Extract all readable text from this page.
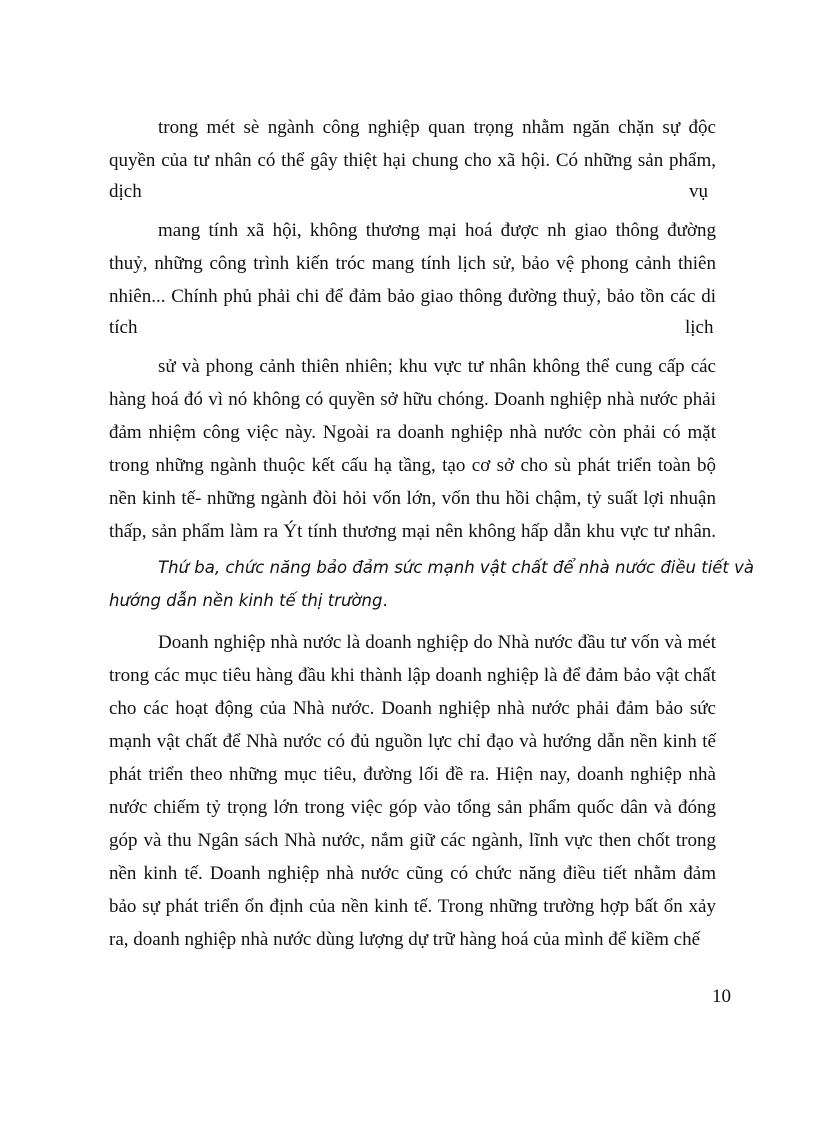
trong mét sè ngành công nghiệp quan trọng nhằm ngăn chặn sự độc
quyền của tư nhân có thể gây thiệt hại chung cho xã hội. Có những sản phẩm,
dịch	vụ
mang tính xã hội, không thương mại hoá được nh giao thông đường
thuỷ, những công trình kiến tróc mang tính lịch sử, bảo vệ phong cảnh thiên
nhiên... Chính phủ phải chi để đảm bảo giao thông đường thuỷ, bảo tồn các di
tích	lịch
sử và phong cảnh thiên nhiên; khu vực tư nhân không thể cung cấp các
hàng hoá đó vì nó không có quyền sở hữu chóng. Doanh nghiệp nhà nước phải
đảm nhiệm công việc này. Ngoài ra doanh nghiệp nhà nước còn phải có mặt
trong những ngành thuộc kết cấu hạ tầng, tạo cơ sở cho sù phát triển toàn bộ
nền kinh tế- những ngành đòi hỏi vốn lớn, vốn thu hồi chậm, tỷ suất lợi nhuận
thấp, sản phẩm làm ra Ýt tính thương mại nên không hấp dẫn khu vực tư nhân.
Thứ ba, chức năng bảo đảm sức mạnh vật chất để nhà nước điều tiết và
hướng dẫn nền kinh tế thị trường.
Doanh nghiệp nhà nước là doanh nghiệp do Nhà nước đầu tư vốn và mét
trong các mục tiêu hàng đầu khi thành lập doanh nghiệp là để đảm bảo vật chất
cho các hoạt động của Nhà nước. Doanh nghiệp nhà nước phải đảm bảo sức
mạnh vật chất để Nhà nước có đủ nguồn lực chỉ đạo và hướng dẫn nền kinh tế
phát triển theo những mục tiêu, đường lối đề ra. Hiện nay, doanh nghiệp nhà
nước chiếm tỷ trọng lớn trong việc góp vào tổng sản phẩm quốc dân và đóng
góp và thu Ngân sách Nhà nước, nắm giữ các ngành, lĩnh vực then chốt trong
nền kinh tế. Doanh nghiệp nhà nước cũng có chức năng điều tiết nhằm đảm
bảo sự phát triển ổn định của nền kinh tế. Trong những trường hợp bất ổn xảy
ra, doanh nghiệp nhà nước dùng lượng dự trữ hàng hoá của mình để kiềm chế
10
